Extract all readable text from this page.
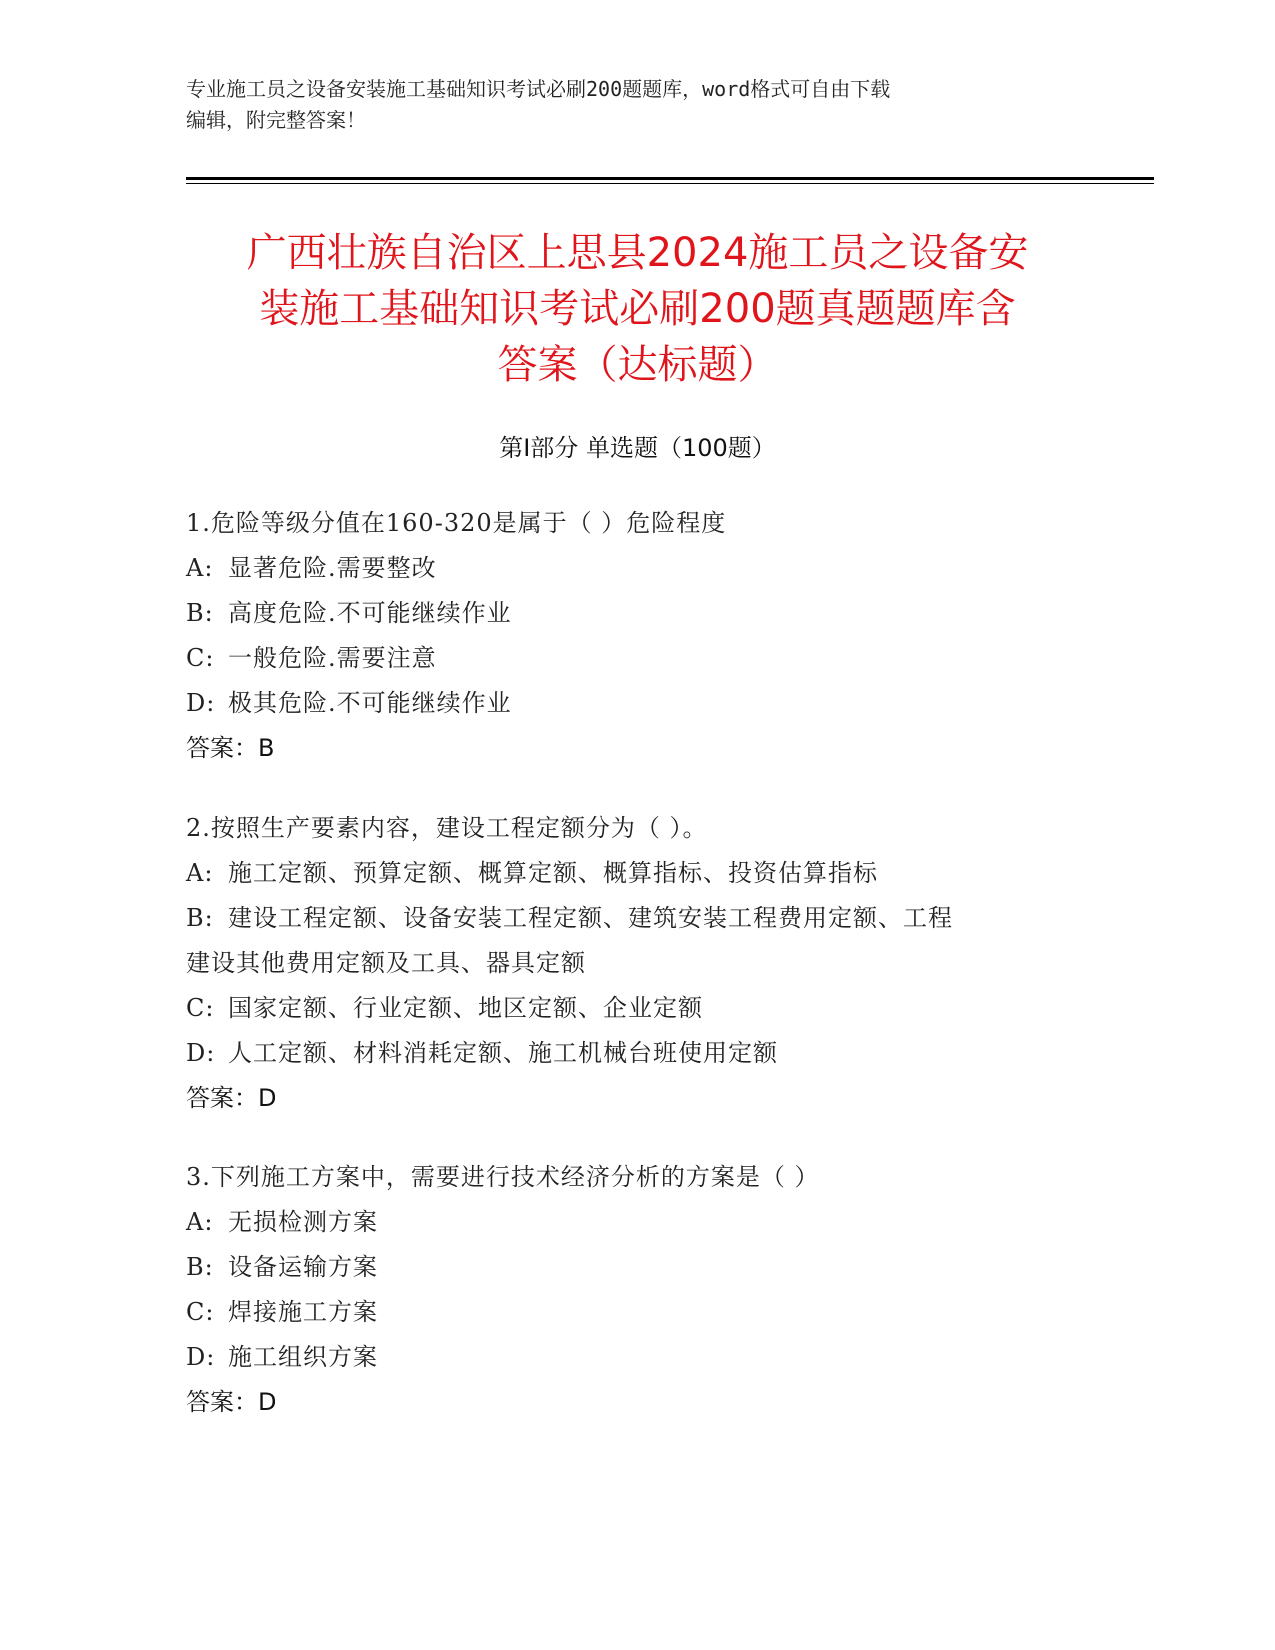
专业施工员之设备安装施工基础知识考试必刷200题题库，word格式可自由下载
编辑，附完整答案！
广西壮族自治区上思县2024施工员之设备安
装施工基础知识考试必刷200题真题题库含
答案（达标题）
第Ⅰ部分 单选题（100题）
1.危险等级分值在160-320是属于（ ）危险程度
A: 显著危险.需要整改
B: 高度危险.不可能继续作业
C: 一般危险.需要注意
D: 极其危险.不可能继续作业
答案：B
2.按照生产要素内容，建设工程定额分为（ ）。
A: 施工定额、预算定额、概算定额、概算指标、投资估算指标
B: 建设工程定额、设备安装工程定额、建筑安装工程费用定额、工程
建设其他费用定额及工具、器具定额
C: 国家定额、行业定额、地区定额、企业定额
D: 人工定额、材料消耗定额、施工机械台班使用定额
答案：D
3.下列施工方案中，需要进行技术经济分析的方案是（ ）
A: 无损检测方案
B: 设备运输方案
C: 焊接施工方案
D: 施工组织方案
答案：D
